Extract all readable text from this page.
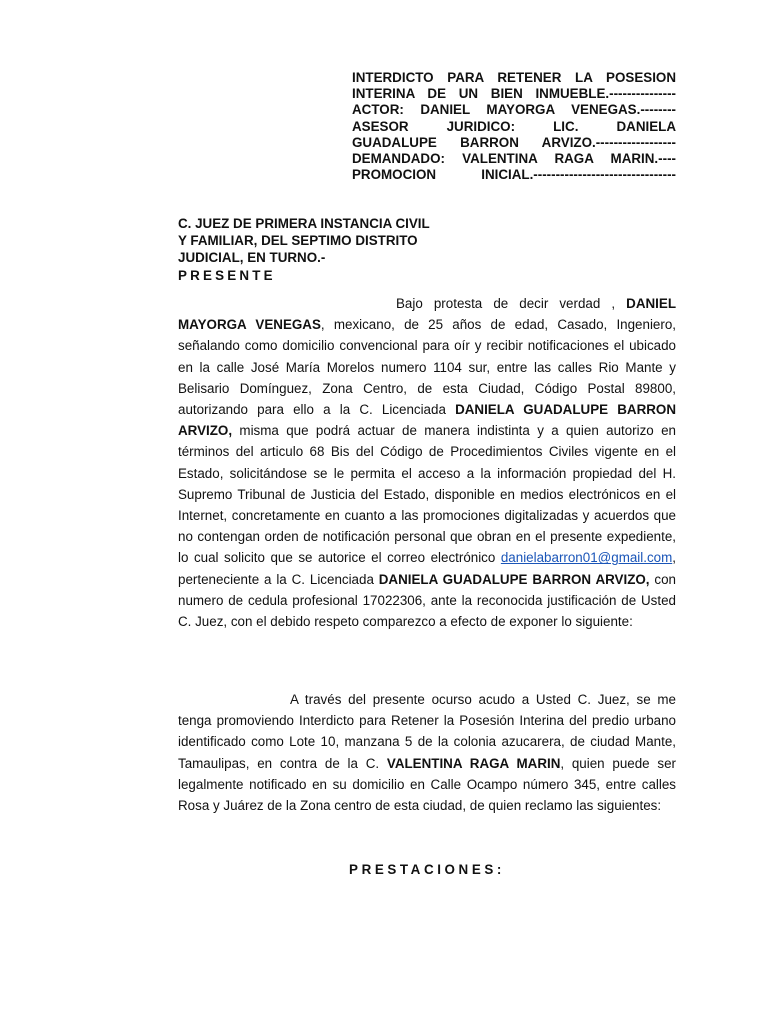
INTERDICTO PARA RETENER LA POSESION
INTERINA DE UN BIEN INMUEBLE.---------------
ACTOR: DANIEL MAYORGA VENEGAS.--------
ASESOR JURIDICO: LIC. DANIELA
GUADALUPE BARRON ARVIZO.------------------
DEMANDADO: VALENTINA RAGA MARIN.----
PROMOCION INICIAL.--------------------------------
C. JUEZ DE PRIMERA INSTANCIA CIVIL
Y FAMILIAR, DEL SEPTIMO DISTRITO
JUDICIAL, EN TURNO.-
PRESENTE
Bajo protesta de decir verdad , DANIEL MAYORGA VENEGAS, mexicano, de 25 años de edad, Casado, Ingeniero, señalando como domicilio convencional para oír y recibir notificaciones el ubicado en la calle José María Morelos numero 1104 sur, entre las calles Rio Mante y Belisario Domínguez, Zona Centro, de esta Ciudad, Código Postal 89800, autorizando para ello a la C. Licenciada DANIELA GUADALUPE BARRON ARVIZO, misma que podrá actuar de manera indistinta y a quien autorizo en términos del articulo 68 Bis del Código de Procedimientos Civiles vigente en el Estado, solicitándose se le permita el acceso a la información propiedad del H. Supremo Tribunal de Justicia del Estado, disponible en medios electrónicos en el Internet, concretamente en cuanto a las promociones digitalizadas y acuerdos que no contengan orden de notificación personal que obran en el presente expediente, lo cual solicito que se autorice el correo electrónico danielabarron01@gmail.com, perteneciente a la C. Licenciada DANIELA GUADALUPE BARRON ARVIZO, con numero de cedula profesional 17022306, ante la reconocida justificación de Usted C. Juez, con el debido respeto comparezco a efecto de exponer lo siguiente:
A través del presente ocurso acudo a Usted C. Juez, se me tenga promoviendo Interdicto para Retener la Posesión Interina del predio urbano identificado como Lote 10, manzana 5 de la colonia azucarera, de ciudad Mante, Tamaulipas, en contra de la C. VALENTINA RAGA MARIN, quien puede ser legalmente notificado en su domicilio en Calle Ocampo número 345, entre calles Rosa y Juárez de la Zona centro de esta ciudad, de quien reclamo las siguientes:
PRESTACIONES:
